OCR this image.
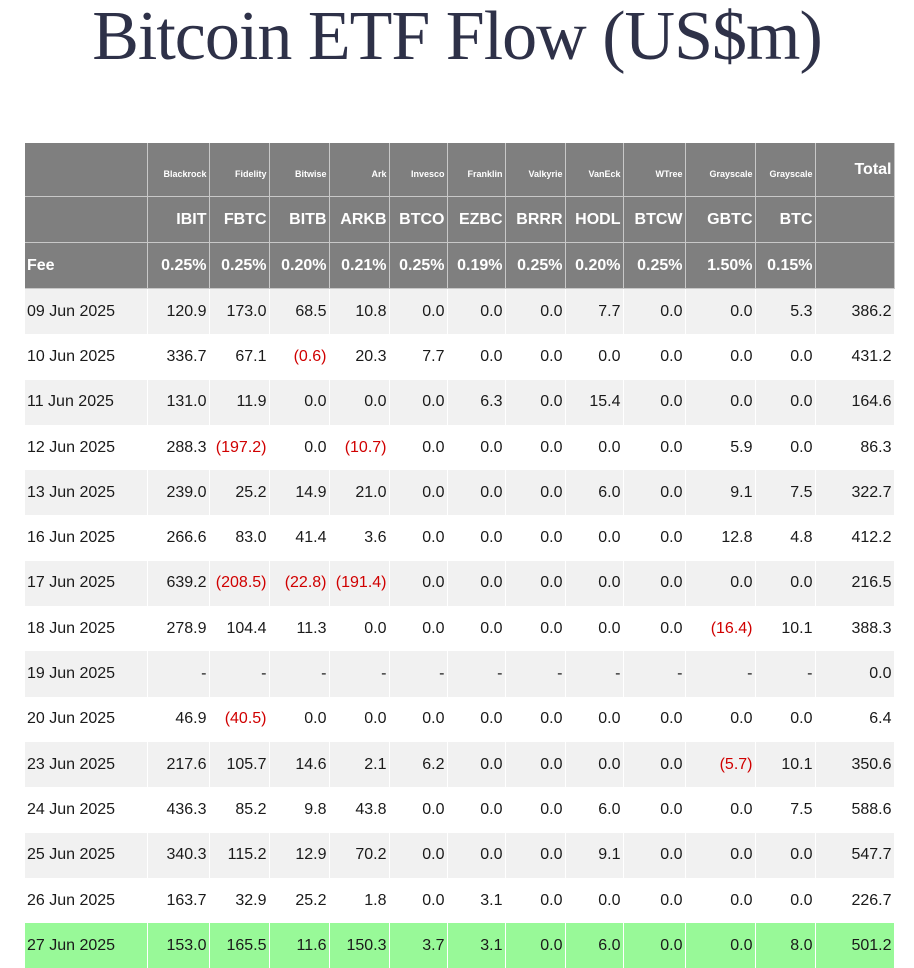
Bitcoin ETF Flow (US$m)
	Blackrock	Fidelity	Bitwise	Ark	Invesco	Franklin	Valkyrie	VanEck	WTree	Grayscale	Grayscale	Total
	IBIT	FBTC	BITB	ARKB	BTCO	EZBC	BRRR	HODL	BTCW	GBTC	BTC	
Fee	0.25%	0.25%	0.20%	0.21%	0.25%	0.19%	0.25%	0.20%	0.25%	1.50%	0.15%	
09 Jun 2025	120.9	173.0	68.5	10.8	0.0	0.0	0.0	7.7	0.0	0.0	5.3	386.2
10 Jun 2025	336.7	67.1	(0.6)	20.3	7.7	0.0	0.0	0.0	0.0	0.0	0.0	431.2
11 Jun 2025	131.0	11.9	0.0	0.0	0.0	6.3	0.0	15.4	0.0	0.0	0.0	164.6
12 Jun 2025	288.3	(197.2)	0.0	(10.7)	0.0	0.0	0.0	0.0	0.0	5.9	0.0	86.3
13 Jun 2025	239.0	25.2	14.9	21.0	0.0	0.0	0.0	6.0	0.0	9.1	7.5	322.7
16 Jun 2025	266.6	83.0	41.4	3.6	0.0	0.0	0.0	0.0	0.0	12.8	4.8	412.2
17 Jun 2025	639.2	(208.5)	(22.8)	(191.4)	0.0	0.0	0.0	0.0	0.0	0.0	0.0	216.5
18 Jun 2025	278.9	104.4	11.3	0.0	0.0	0.0	0.0	0.0	0.0	(16.4)	10.1	388.3
19 Jun 2025	-	-	-	-	-	-	-	-	-	-	-	0.0
20 Jun 2025	46.9	(40.5)	0.0	0.0	0.0	0.0	0.0	0.0	0.0	0.0	0.0	6.4
23 Jun 2025	217.6	105.7	14.6	2.1	6.2	0.0	0.0	0.0	0.0	(5.7)	10.1	350.6
24 Jun 2025	436.3	85.2	9.8	43.8	0.0	0.0	0.0	6.0	0.0	0.0	7.5	588.6
25 Jun 2025	340.3	115.2	12.9	70.2	0.0	0.0	0.0	9.1	0.0	0.0	0.0	547.7
26 Jun 2025	163.7	32.9	25.2	1.8	0.0	3.1	0.0	0.0	0.0	0.0	0.0	226.7
27 Jun 2025	153.0	165.5	11.6	150.3	3.7	3.1	0.0	6.0	0.0	0.0	8.0	501.2
